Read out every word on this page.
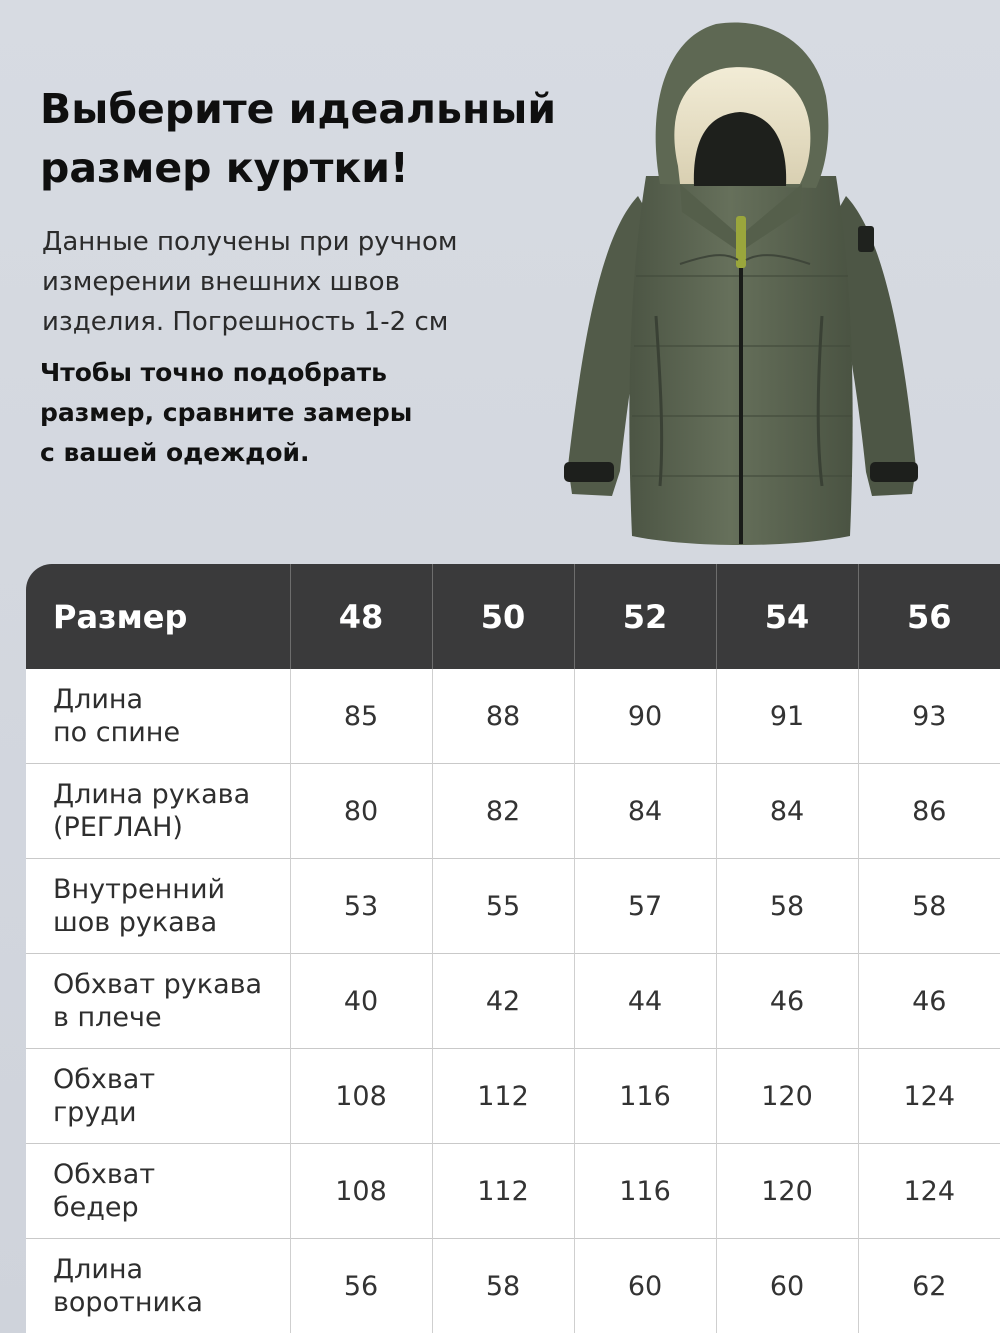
Выберите идеальный
размер куртки!

Данные получены при ручном
измерении внешних швов
изделия. Погрешность 1-2 см

Чтобы точно подобрать
размер, сравните замеры
с вашей одеждой.

Размер	48	50	52	54	56
Длина
по спине	85	88	90	91	93
Длина рукава
(РЕГЛАН)	80	82	84	84	86
Внутренний
шов рукава	53	55	57	58	58
Обхват рукава
в плече	40	42	44	46	46
Обхват
груди	108	112	116	120	124
Обхват
бедер	108	112	116	120	124
Длина
воротника	56	58	60	60	62
